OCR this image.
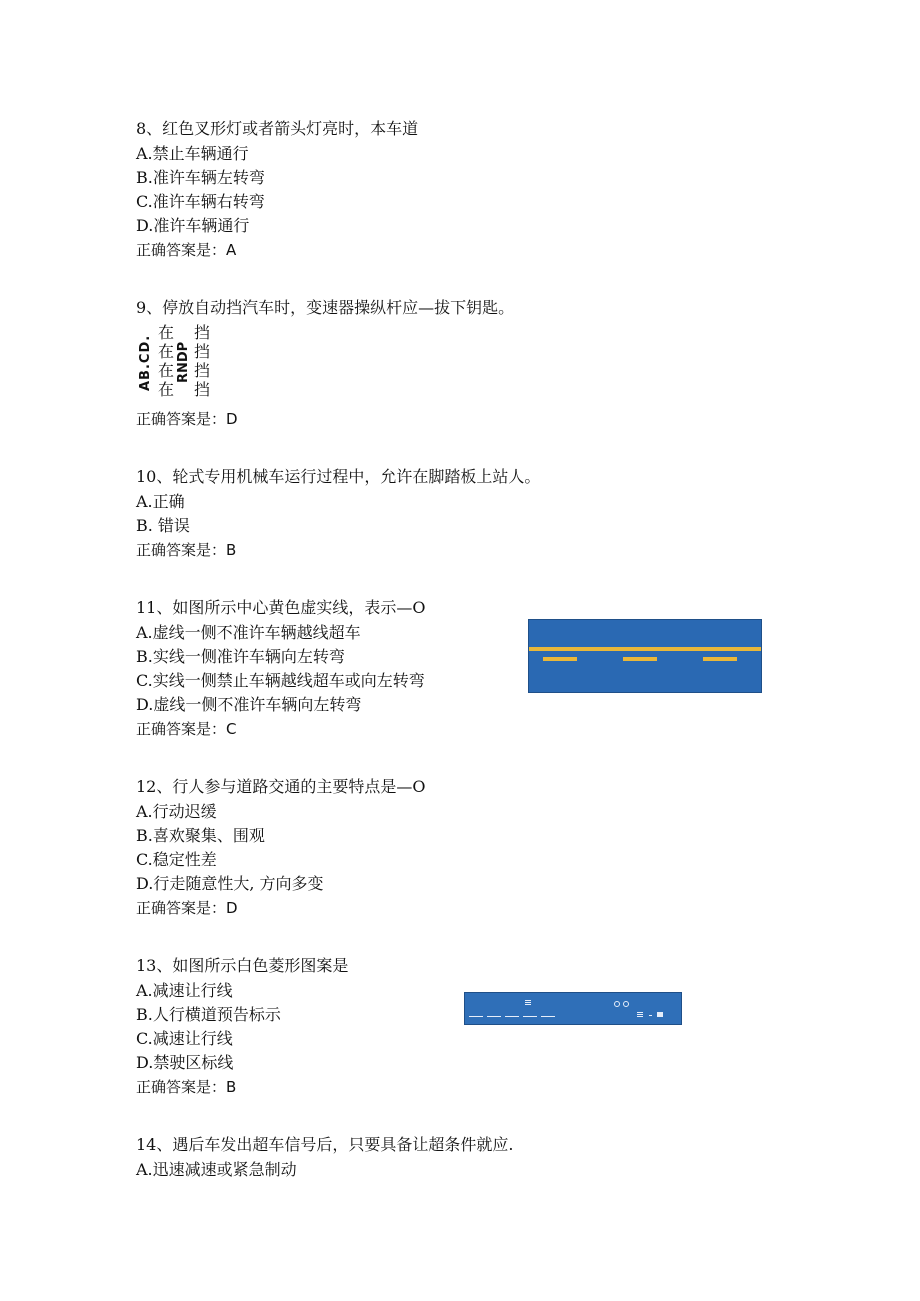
8、红色叉形灯或者箭头灯亮时，本车道
A.禁止车辆通行
B.准许车辆左转弯
C.准许车辆右转弯
D.准许车辆通行
正确答案是：A
9、停放自动挡汽车时，变速器操纵杆应—拔下钥匙。
AB.CD. RNDP
在 挡
在 挡
在 挡
在 挡
正确答案是：D
10、轮式专用机械车运行过程中，允许在脚踏板上站人。
A.正确
B. 错误
正确答案是：B
11、如图所示中心黄色虚实线，表示—O
A.虚线一侧不准许车辆越线超车
B.实线一侧准许车辆向左转弯
C.实线一侧禁止车辆越线超车或向左转弯
D.虚线一侧不准许车辆向左转弯
正确答案是：C
12、行人参与道路交通的主要特点是—O
A.行动迟缓
B.喜欢聚集、围观
C.稳定性差
D.行走随意性大, 方向多变
正确答案是：D
13、如图所示白色菱形图案是
A.减速让行线
B.人行横道预告标示
C.减速让行线
D.禁驶区标线
正确答案是：B
14、遇后车发出超车信号后，只要具备让超条件就应.
A.迅速减速或紧急制动
